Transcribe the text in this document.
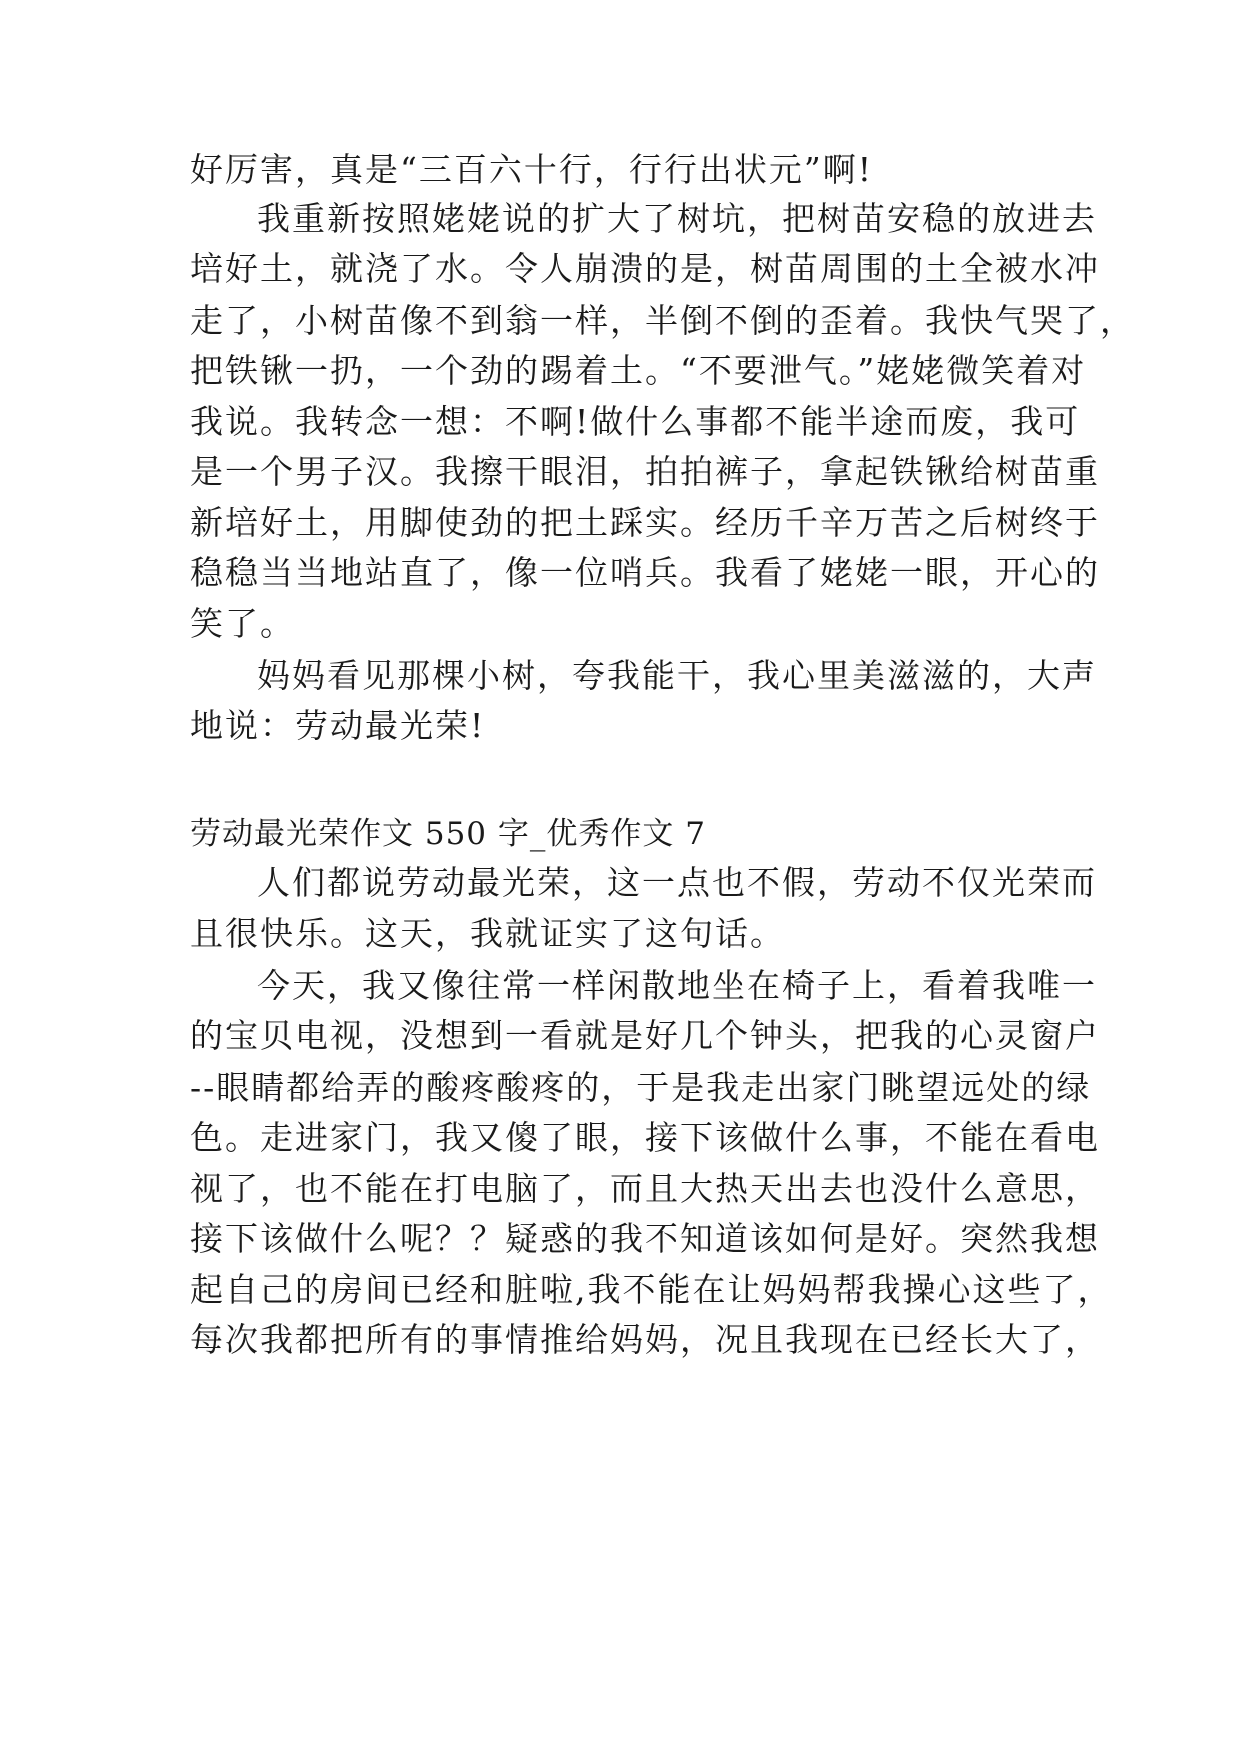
好厉害，真是“三百六十行，行行出状元”啊!
我重新按照姥姥说的扩大了树坑，把树苗安稳的放进去
培好土，就浇了水。令人崩溃的是，树苗周围的土全被水冲
走了，小树苗像不到翁一样，半倒不倒的歪着。我快气哭了，
把铁锹一扔，一个劲的踢着土。“不要泄气。”姥姥微笑着对
我说。我转念一想：不啊!做什么事都不能半途而废，我可
是一个男子汉。我擦干眼泪，拍拍裤子，拿起铁锹给树苗重
新培好土，用脚使劲的把土踩实。经历千辛万苦之后树终于
稳稳当当地站直了，像一位哨兵。我看了姥姥一眼，开心的
笑了。
妈妈看见那棵小树，夸我能干，我心里美滋滋的，大声
地说：劳动最光荣!
劳动最光荣作文 550 字_优秀作文 7
人们都说劳动最光荣，这一点也不假，劳动不仅光荣而
且很快乐。这天，我就证实了这句话。
今天，我又像往常一样闲散地坐在椅子上，看着我唯一
的宝贝电视，没想到一看就是好几个钟头，把我的心灵窗户
--眼睛都给弄的酸疼酸疼的，于是我走出家门眺望远处的绿
色。走进家门，我又傻了眼，接下该做什么事，不能在看电
视了，也不能在打电脑了，而且大热天出去也没什么意思，
接下该做什么呢？？疑惑的我不知道该如何是好。突然我想
起自己的房间已经和脏啦,我不能在让妈妈帮我操心这些了，
每次我都把所有的事情推给妈妈，况且我现在已经长大了，
